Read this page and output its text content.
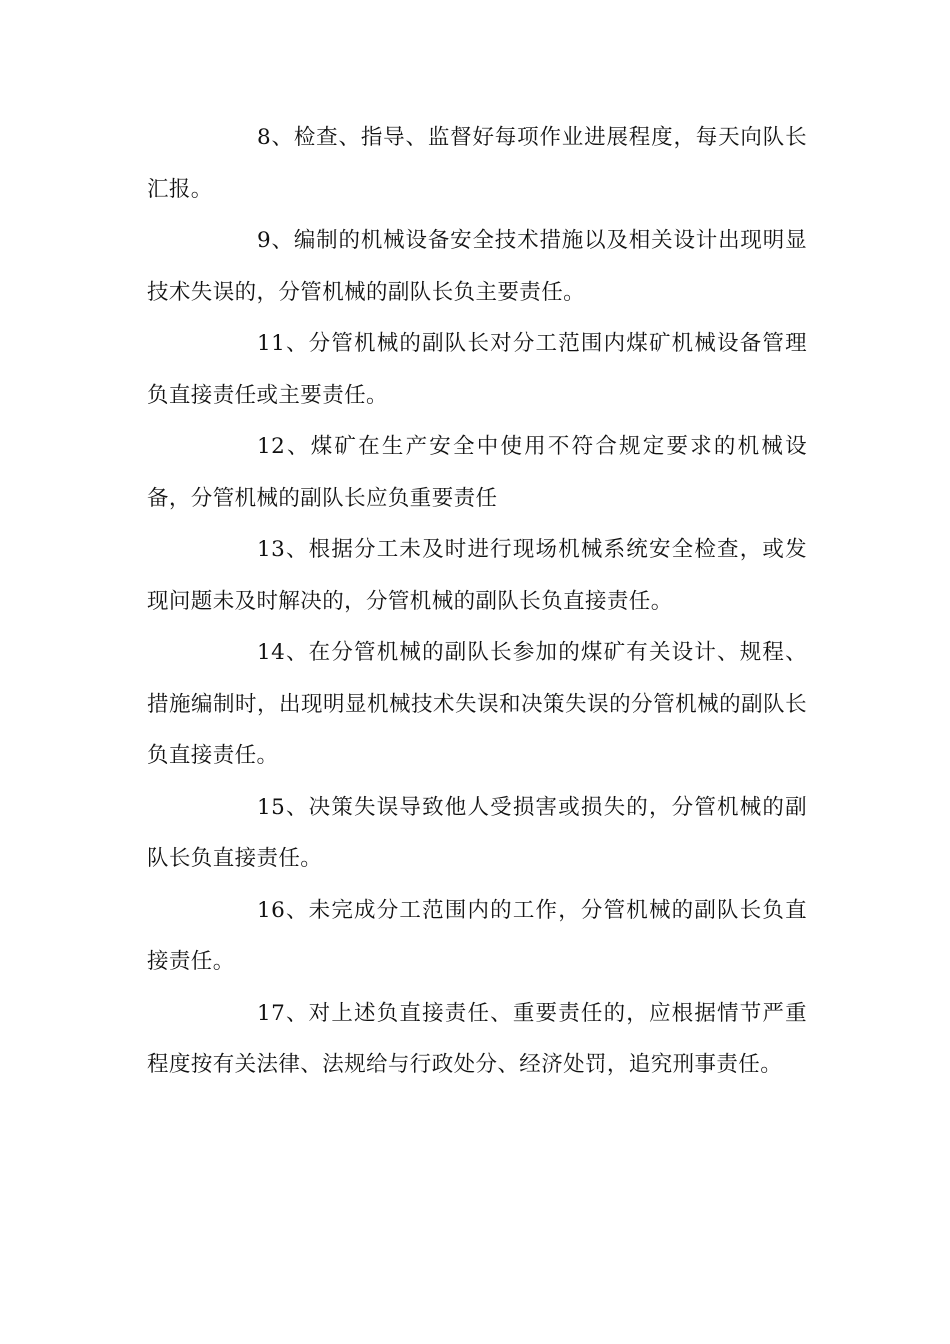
8、检查、指导、监督好每项作业进展程度，每天向队长汇报。

9、编制的机械设备安全技术措施以及相关设计出现明显技术失误的，分管机械的副队长负主要责任。

11、分管机械的副队长对分工范围内煤矿机械设备管理负直接责任或主要责任。

12、煤矿在生产安全中使用不符合规定要求的机械设备，分管机械的副队长应负重要责任

13、根据分工未及时进行现场机械系统安全检查，或发现问题未及时解决的，分管机械的副队长负直接责任。

14、在分管机械的副队长参加的煤矿有关设计、规程、措施编制时，出现明显机械技术失误和决策失误的分管机械的副队长负直接责任。

15、决策失误导致他人受损害或损失的，分管机械的副队长负直接责任。

16、未完成分工范围内的工作，分管机械的副队长负直接责任。

17、对上述负直接责任、重要责任的，应根据情节严重程度按有关法律、法规给与行政处分、经济处罚，追究刑事责任。
